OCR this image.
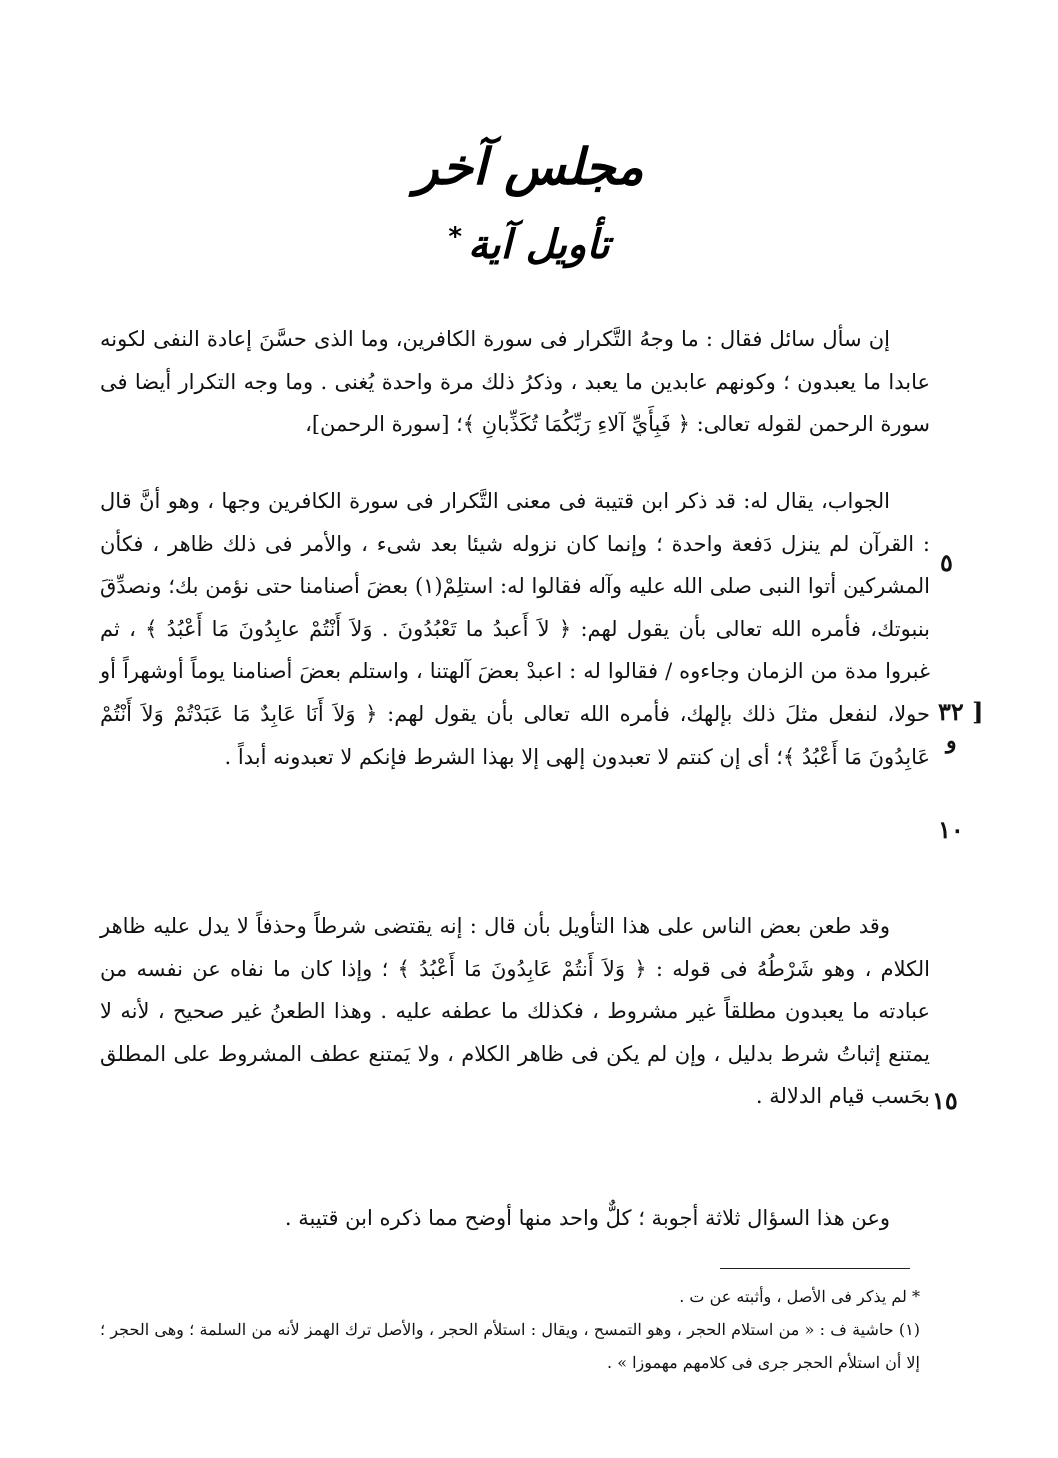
مجلس آخر
تأويل آية*

إن سأل سائل فقال : ما وجهُ التَّكرار فى سورة الكافرين، وما الذى حسَّنَ إعادة النفى لكونه عابدا ما يعبدون ؛ وكونهم عابدين ما يعبد ، وذكرُ ذلك مرة واحدة يُغنى . وما وجه التكرار أيضا فى سورة الرحمن لقوله تعالى: ﴿ فَبِأَيِّ آلاءِ رَبِّكُمَا تُكَذِّبانِ ﴾؛ [سورة الرحمن]،

الجواب، يقال له: قد ذكر ابن قتيبة فى معنى التَّكرار فى سورة الكافرين وجها ، وهو أنَّ قال : القرآن لم ينزل دَفعة واحدة ؛ وإنما كان نزوله شيئا بعد شىء ، والأمر فى ذلك ظاهر ، فكأن المشركين أتوا النبى صلى الله عليه وآله فقالوا له: استلِمْ(١) بعضَ أصنامنا حتى نؤمن بك؛ ونصدِّقَ بنبوتك، فأمره الله تعالى بأن يقول لهم: ﴿ لاَ أَعبدُ ما تَعْبُدُونَ . وَلاَ أَنْتُمْ عابِدُونَ مَا أَعْبُدُ ﴾ ، ثم غبروا مدة من الزمان وجاءوه / فقالوا له : اعبدْ بعضَ آلهتنا ، واستلم بعضَ أصنامنا يوماً أوشهراً أو حولا، لنفعل مثلَ ذلك بإلهك، فأمره الله تعالى بأن يقول لهم: ﴿ وَلاَ أَنَا عَابِدٌ مَا عَبَدْتُمْ وَلاَ أَنْتُمْ عَابِدُونَ مَا أَعْبُدُ ﴾؛ أى إن كنتم لا تعبدون إلهى إلا بهذا الشرط فإنكم لا تعبدونه أبداً .

وقد طعن بعض الناس على هذا التأويل بأن قال : إنه يقتضى شرطاً وحذفاً لا يدل عليه ظاهر الكلام ، وهو شَرْطُهُ فى قوله : ﴿ وَلاَ أَنتُمْ عَابِدُونَ مَا أَعْبُدُ ﴾ ؛ وإذا كان ما نفاه عن نفسه من عبادته ما يعبدون مطلقاً غير مشروط ، فكذلك ما عطفه عليه . وهذا الطعنُ غير صحيح ، لأنه لا يمتنع إثباتُ شرط بدليل ، وإن لم يكن فى ظاهر الكلام ، ولا يَمتنع عطف المشروط على المطلق بحَسب قيام الدلالة .

وعن هذا السؤال ثلاثة أجوبة ؛ كلٌّ واحد منها أوضح مما ذكره ابن قتيبة .

٥
[ ٣٢
و
١٠
١٥
* لم يذكر فى الأصل ، وأثبته عن ت .
(١) حاشية ف : « من استلام الحجر ، وهو التمسح ، ويقال : استلأم الحجر ، والأصل ترك الهمز لأنه من السلمة ؛ وهى الحجر ؛ إلا أن استلأم الحجر جرى فى كلامهم مهموزا » .
